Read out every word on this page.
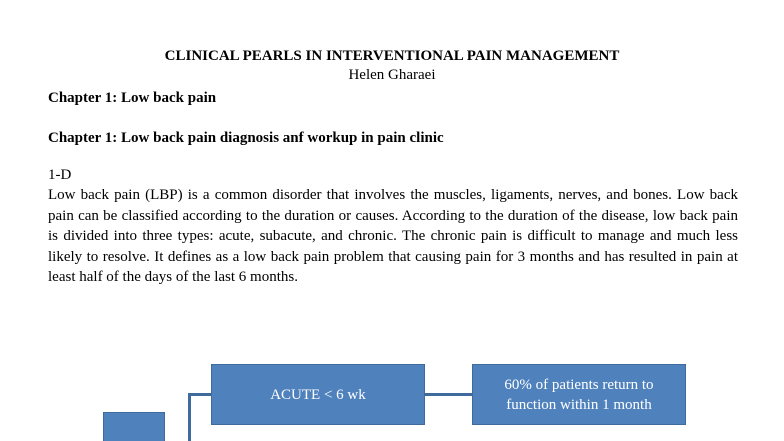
CLINICAL PEARLS IN INTERVENTIONAL PAIN MANAGEMENT
Helen Gharaei
Chapter 1: Low back pain
Chapter 1: Low back pain diagnosis anf workup in pain clinic
1-D
Low back pain (LBP) is a common disorder that involves the muscles, ligaments, nerves, and bones. Low back pain can be classified according to the duration or causes. According to the duration of the disease, low back pain is divided into three types: acute, subacute, and chronic. The chronic pain is difficult to manage and much less likely to resolve. It defines as a low back pain problem that causing pain for 3 months and has resulted in pain at least half of the days of the last 6 months.
ACUTE < 6 wk
60% of patients return to function within 1 month
